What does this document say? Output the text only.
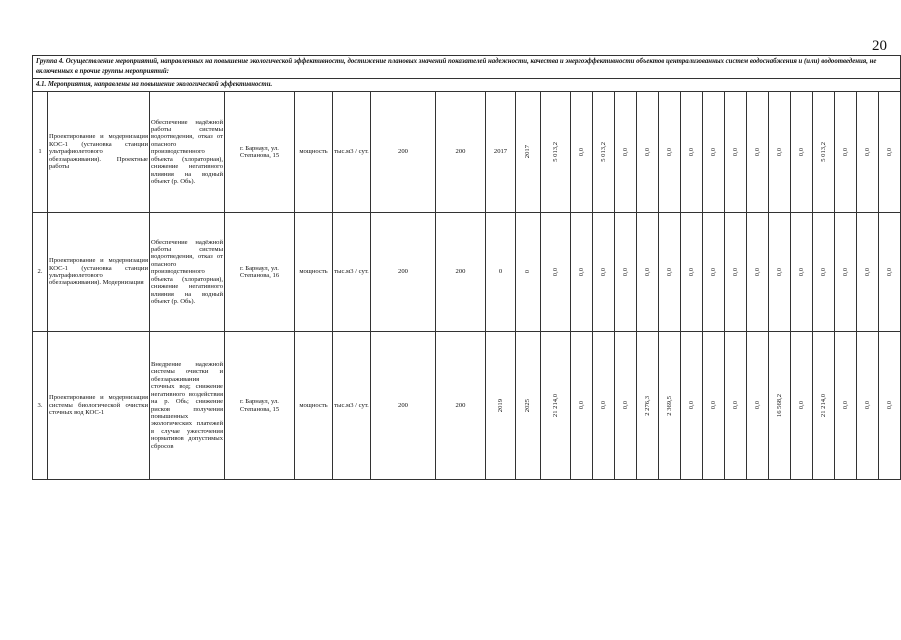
20
Группа 4. Осуществление мероприятий, направленных на повышение экологической эффективности, достижение плановых значений показателей надежности, качества и энергоэффективности объектов централизованных систем водоснабжения и (или) водоотведения, не включенных в прочие группы мероприятий:																									
4.1. Мероприятия, направлены на повышение экологической эффективности.																									
1	Проектирование и модернизация КОС-1 (установка станции ультрафиолетового обеззараживания). Проектные работы	Обеспечение надёжной работы системы водоотведения, отказ от опасного производственного объекта (хлораторная), снижение негативного влияния на водный объект (р. Обь).	г. Барнаул, ул. Степанова, 15	мощность	тыс.м3 / сут.	200	200	2017	2017	5 013,2	0,0	5 013,2	0,0	0,0	0,0	0,0	0,0	0,0	0,0	0,0	0,0	5 013,2	0,0	0,0	0,0

2.	Проектирование и модернизация КОС-1 (установка станции ультрафиолетового обеззараживания). Модернизация	Обеспечение надёжной работы системы водоотведения, отказ от опасного производственного объекта (хлораторная), снижение негативного влияния на водный объект (р. Обь).	г. Барнаул, ул. Степанова, 16	мощность	тыс.м3 / сут.	200	200	0	0	0,0	0,0	0,0	0,0	0,0	0,0	0,0	0,0	0,0	0,0	0,0	0,0	0,0	0,0	0,0	0,0

3.	Проектирование и модернизация системы биологической очистки сточных вод КОС-1	Внедрение надежной системы очистки и обеззараживания сточных вод; снижение негативного воздействия на р. Обь; снижение рисков получения повышенных экологических платежей в случае ужесточения нормативов допустимых сбросов	г. Барнаул, ул. Степанова, 15	мощность	тыс.м3 / сут.	200	200	2019	2025	21 214,0	0,0	0,0	0,0	2 276,3	2 369,5	0,0	0,0	0,0	0,0	16 568,2	0,0	21 214,0	0,0	0,0	0,0
